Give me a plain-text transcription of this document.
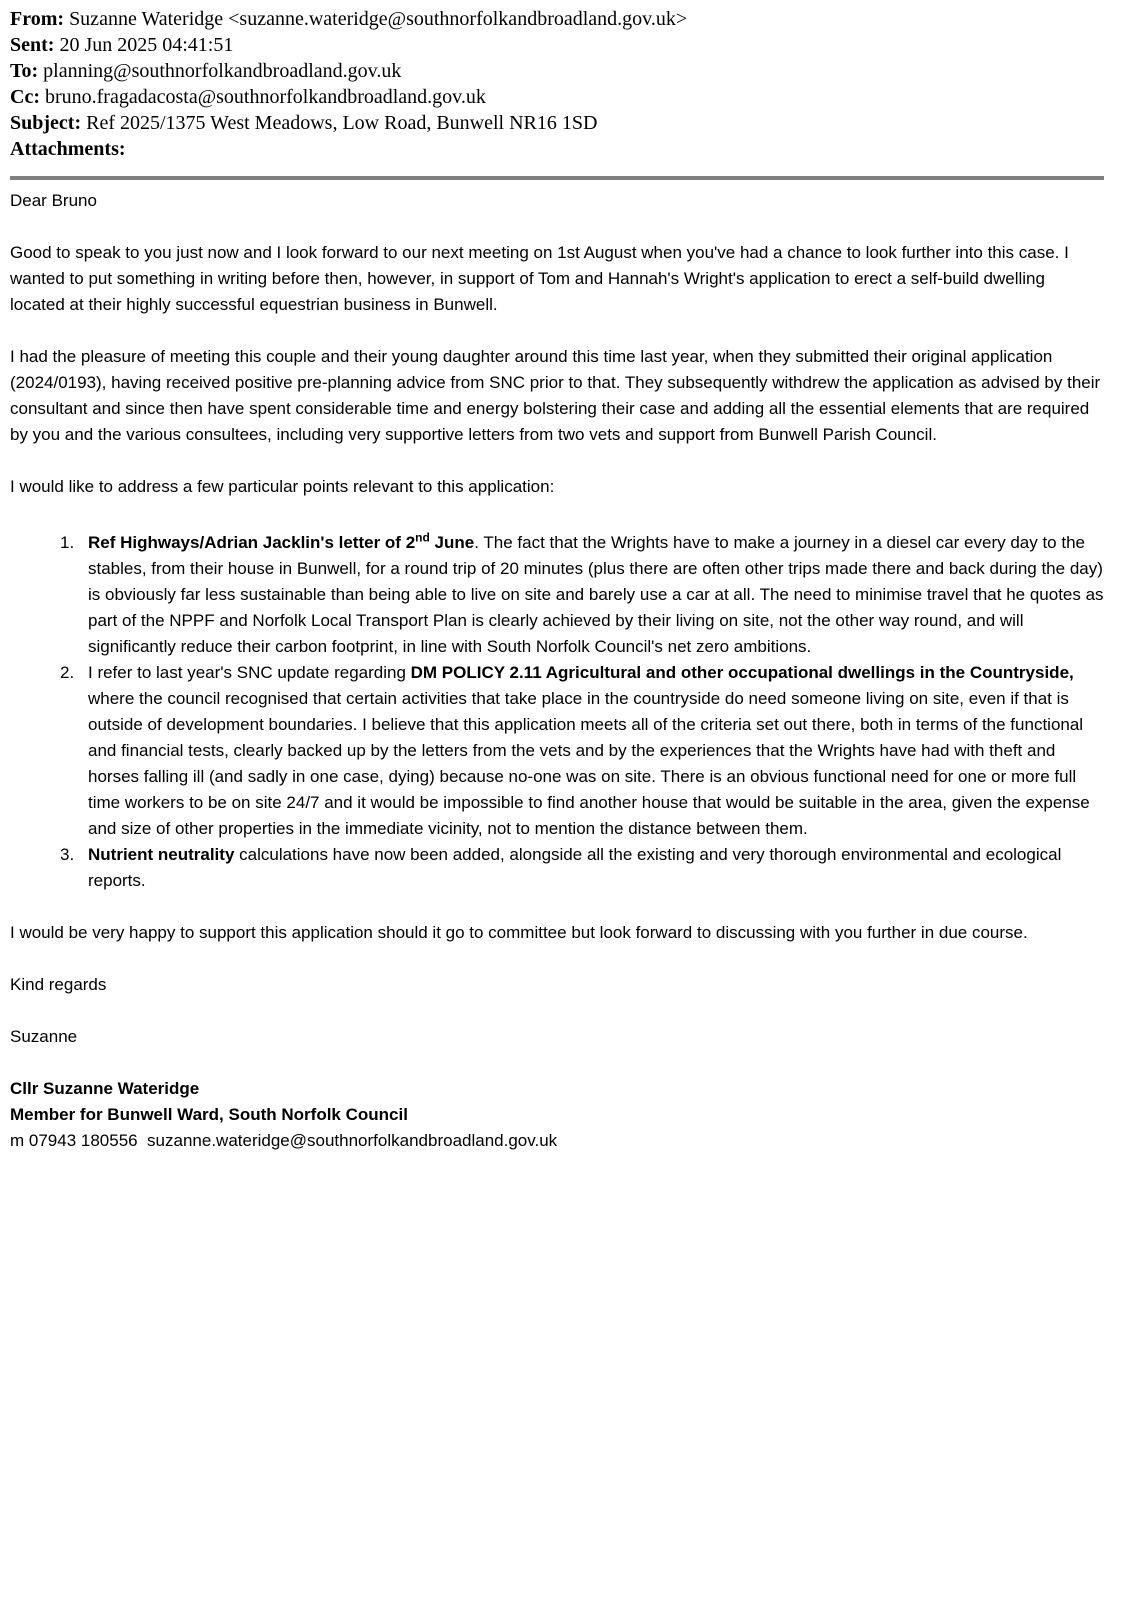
From: Suzanne Wateridge <suzanne.wateridge@southnorfolkandbroadland.gov.uk>
Sent: 20 Jun 2025 04:41:51
To: planning@southnorfolkandbroadland.gov.uk
Cc: bruno.fragadacosta@southnorfolkandbroadland.gov.uk
Subject: Ref 2025/1375 West Meadows, Low Road, Bunwell NR16 1SD
Attachments:

Dear Bruno

Good to speak to you just now and I look forward to our next meeting on 1st August when you've had a chance to look further into this case. I wanted to put something in writing before then, however, in support of Tom and Hannah's Wright's application to erect a self-build dwelling located at their highly successful equestrian business in Bunwell.

I had the pleasure of meeting this couple and their young daughter around this time last year, when they submitted their original application (2024/0193), having received positive pre-planning advice from SNC prior to that. They subsequently withdrew the application as advised by their consultant and since then have spent considerable time and energy bolstering their case and adding all the essential elements that are required by you and the various consultees, including very supportive letters from two vets and support from Bunwell Parish Council.

I would like to address a few particular points relevant to this application:

1. Ref Highways/Adrian Jacklin's letter of 2nd June. The fact that the Wrights have to make a journey in a diesel car every day to the stables, from their house in Bunwell, for a round trip of 20 minutes (plus there are often other trips made there and back during the day) is obviously far less sustainable than being able to live on site and barely use a car at all. The need to minimise travel that he quotes as part of the NPPF and Norfolk Local Transport Plan is clearly achieved by their living on site, not the other way round, and will significantly reduce their carbon footprint, in line with South Norfolk Council's net zero ambitions.
2. I refer to last year's SNC update regarding DM POLICY 2.11 Agricultural and other occupational dwellings in the Countryside, where the council recognised that certain activities that take place in the countryside do need someone living on site, even if that is outside of development boundaries. I believe that this application meets all of the criteria set out there, both in terms of the functional and financial tests, clearly backed up by the letters from the vets and by the experiences that the Wrights have had with theft and horses falling ill (and sadly in one case, dying) because no-one was on site. There is an obvious functional need for one or more full time workers to be on site 24/7 and it would be impossible to find another house that would be suitable in the area, given the expense and size of other properties in the immediate vicinity, not to mention the distance between them.
3. Nutrient neutrality calculations have now been added, alongside all the existing and very thorough environmental and ecological reports.

I would be very happy to support this application should it go to committee but look forward to discussing with you further in due course.

Kind regards

Suzanne

Cllr Suzanne Wateridge

Member for Bunwell Ward, South Norfolk Council

m 07943 180556  suzanne.wateridge@southnorfolkandbroadland.gov.uk
